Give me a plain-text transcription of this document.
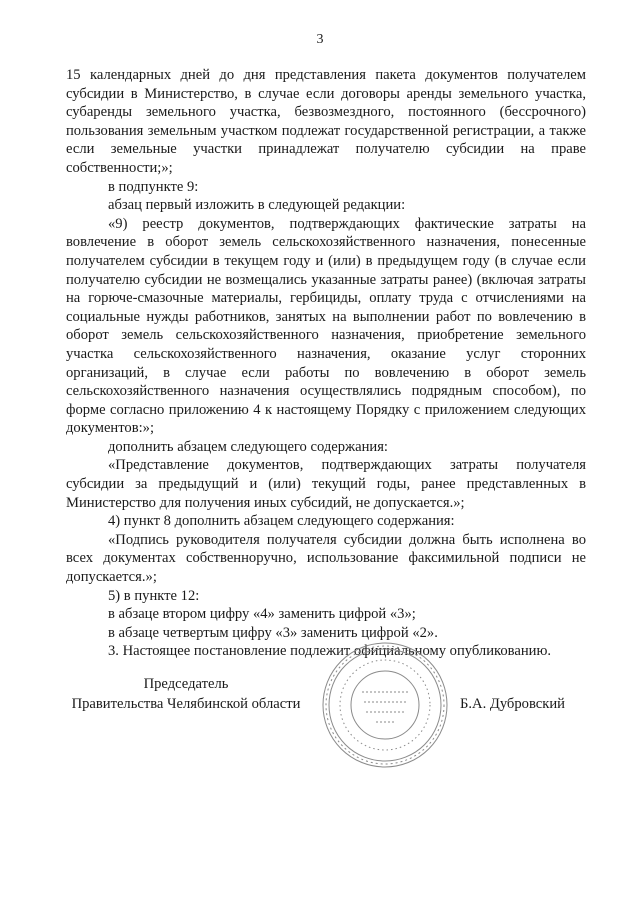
3

15 календарных дней до дня представления пакета документов получателем субсидии в Министерство, в случае если договоры аренды земельного участка, субаренды земельного участка, безвозмездного, постоянного (бессрочного) пользования земельным участком подлежат государственной регистрации, а также если земельные участки принадлежат получателю субсидии на праве собственности;»;

в подпункте 9:

абзац первый изложить в следующей редакции:

«9) реестр документов, подтверждающих фактические затраты на вовлечение в оборот земель сельскохозяйственного назначения, понесенные получателем субсидии в текущем году и (или) в предыдущем году (в случае если получателю субсидии не возмещались указанные затраты ранее) (включая затраты на горюче-смазочные материалы, гербициды, оплату труда с отчислениями на социальные нужды работников, занятых на выполнении работ по вовлечению в оборот земель сельскохозяйственного назначения, приобретение земельного участка сельскохозяйственного назначения, оказание услуг сторонних организаций, в случае если работы по вовлечению в оборот земель сельскохозяйственного назначения осуществлялись подрядным способом), по форме согласно приложению 4 к настоящему Порядку с приложением следующих документов:»;

дополнить абзацем следующего содержания:

«Представление документов, подтверждающих затраты получателя субсидии за предыдущий и (или) текущий годы, ранее представленных в Министерство для получения иных субсидий, не допускается.»;

4) пункт 8 дополнить абзацем следующего содержания:

«Подпись руководителя получателя субсидии должна быть исполнена во всех документах собственноручно, использование факсимильной подписи не допускается.»;

5) в пункте 12:

в абзаце втором цифру «4» заменить цифрой «3»;

в абзаце четвертым цифру «3» заменить цифрой «2».

3. Настоящее постановление подлежит официальному опубликованию.

Председатель
Правительства Челябинской области	Б.А. Дубровский
